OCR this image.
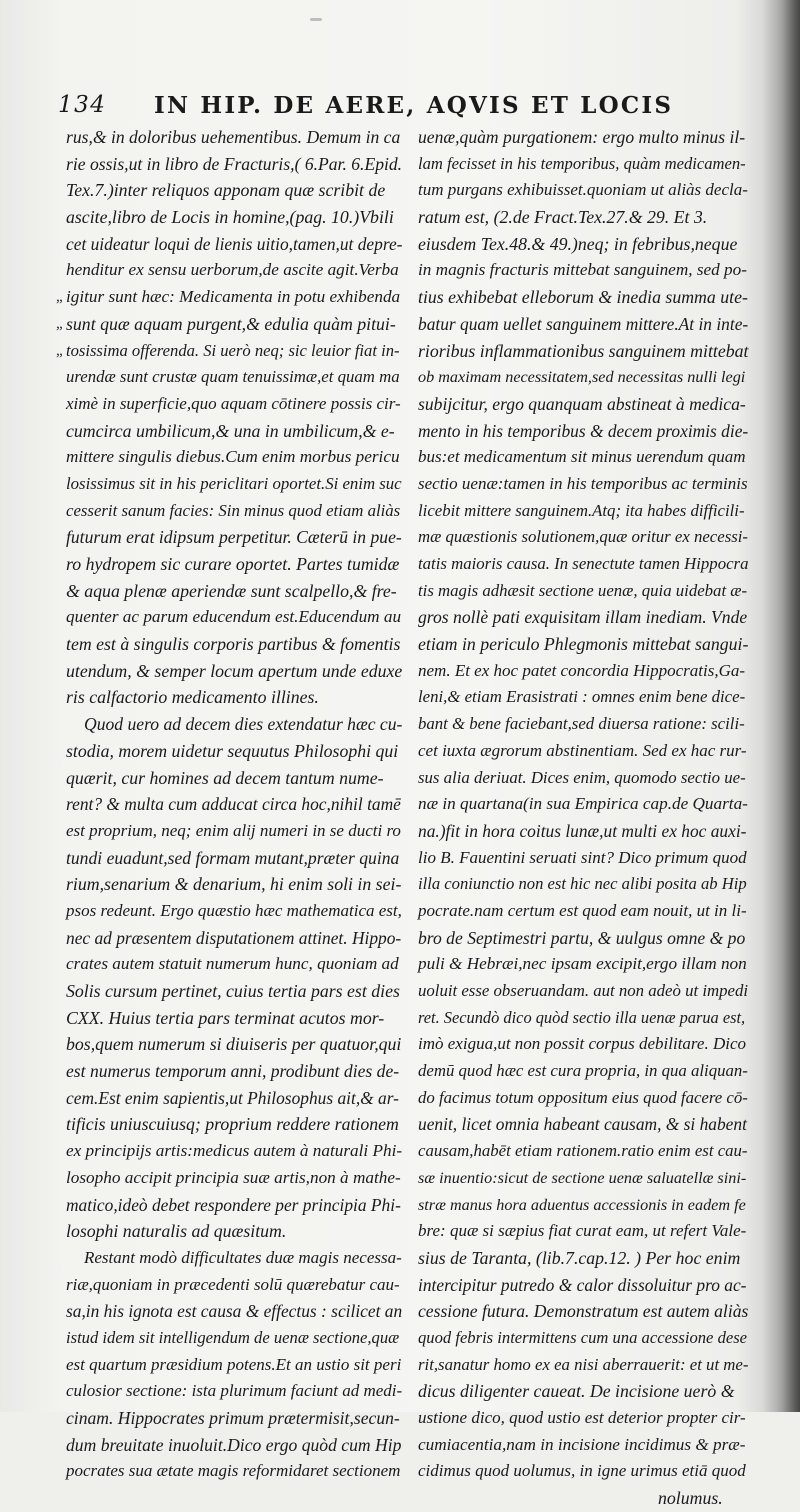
134 IN HIP. DE AERE, AQVIS ET LOCIS
rus,& in doloribus uehementibus. Demum in ca
rie ossis,ut in libro de Fracturis,( 6.Par. 6.Epid.
Tex.7.)inter reliquos apponam quæ scribit de
ascite,libro de Locis in homine,(pag. 10.)Vbili
cet uideatur loqui de lienis uitio,tamen,ut depre-
henditur ex sensu uerborum,de ascite agit.Verba
„ igitur sunt hæc: Medicamenta in potu exhibenda
„ sunt quæ aquam purgent,& edulia quàm pitui-
„ tosissima offerenda. Si uerò neq; sic leuior fiat in-
urendæ sunt crustæ quam tenuissimæ,et quam ma
ximè in superficie,quo aquam cōtinere possis cir-
cumcirca umbilicum,& una in umbilicum,& e-
mittere singulis diebus.Cum enim morbus pericu
losissimus sit in his periclitari oportet.Si enim suc
cesserit sanum facies: Sin minus quod etiam aliàs
futurum erat idipsum perpetitur. Cæterū in pue-
ro hydropem sic curare oportet. Partes tumidæ
& aqua plenæ aperiendæ sunt scalpello,& fre-
quenter ac parum educendum est.Educendum au
tem est à singulis corporis partibus & fomentis
utendum, & semper locum apertum unde eduxe
ris calfactorio medicamento illines.
Quod uero ad decem dies extendatur hæc cu-
stodia, morem uidetur sequutus Philosophi qui
quærit, cur homines ad decem tantum nume-
rent? & multa cum adducat circa hoc,nihil tamē
est proprium, neq; enim alij numeri in se ducti ro
tundi euadunt,sed formam mutant,præter quina
rium,senarium & denarium, hi enim soli in sei-
psos redeunt. Ergo quæstio hæc mathematica est,
nec ad præsentem disputationem attinet. Hippo-
crates autem statuit numerum hunc, quoniam ad
Solis cursum pertinet, cuius tertia pars est dies
CXX. Huius tertia pars terminat acutos mor-
bos,quem numerum si diuiseris per quatuor,qui
est numerus temporum anni, prodibunt dies de-
cem.Est enim sapientis,ut Philosophus ait,& ar-
tificis uniuscuiusq; proprium reddere rationem
ex principijs artis:medicus autem à naturali Phi-
losopho accipit principia suæ artis,non à mathe-
matico,ideò debet respondere per principia Phi-
losophi naturalis ad quæsitum.
Restant modò difficultates duæ magis necessa-
riæ,quoniam in præcedenti solū quærebatur cau-
sa,in his ignota est causa & effectus : scilicet an
istud idem sit intelligendum de uenæ sectione,quæ
est quartum præsidium potens.Et an ustio sit peri
culosior sectione: ista plurimum faciunt ad medi-
cinam. Hippocrates primum prætermisit,secun-
dum breuitate inuoluit.Dico ergo quòd cum Hip
pocrates sua ætate magis reformidaret sectionem
uenæ,quàm purgationem: ergo multo minus il-
lam fecisset in his temporibus, quàm medicamen-
tum purgans exhibuisset.quoniam ut aliàs decla-
ratum est, (2.de Fract.Tex.27.& 29. Et 3.
eiusdem Tex.48.& 49.)neq; in febribus,neque
in magnis fracturis mittebat sanguinem, sed po-
tius exhibebat elleborum & inedia summa ute-
batur quam uellet sanguinem mittere.At in inte-
rioribus inflammationibus sanguinem mittebat
ob maximam necessitatem,sed necessitas nulli legi
subijcitur, ergo quanquam abstineat à medica-
mento in his temporibus & decem proximis die-
bus:et medicamentum sit minus uerendum quam
sectio uenæ:tamen in his temporibus ac terminis
licebit mittere sanguinem.Atq; ita habes difficili-
mæ quæstionis solutionem,quæ oritur ex necessi-
tatis maioris causa. In senectute tamen Hippocra
tis magis adhæsit sectione uenæ, quia uidebat æ-
gros nollè pati exquisitam illam inediam. Vnde
etiam in periculo Phlegmonis mittebat sangui-
nem. Et ex hoc patet concordia Hippocratis,Ga-
leni,& etiam Erasistrati : omnes enim bene dice-
bant & bene faciebant,sed diuersa ratione: scili-
cet iuxta ægrorum abstinentiam. Sed ex hac rur-
sus alia deriuat. Dices enim, quomodo sectio ue-
næ in quartana(in sua Empirica cap.de Quarta-
na.)fit in hora coitus lunæ,ut multi ex hoc auxi-
lio B. Fauentini seruati sint? Dico primum quod
illa coniunctio non est hic nec alibi posita ab Hip
pocrate.nam certum est quod eam nouit, ut in li-
bro de Septimestri partu, & uulgus omne & po
puli & Hebræi,nec ipsam excipit,ergo illam non
uoluit esse obseruandam. aut non adeò ut impedi
ret. Secundò dico quòd sectio illa uenæ parua est,
imò exigua,ut non possit corpus debilitare. Dico
demū quod hæc est cura propria, in qua aliquan-
do facimus totum oppositum eius quod facere cō-
uenit, licet omnia habeant causam, & si habent
causam,habēt etiam rationem.ratio enim est cau-
sæ inuentio:sicut de sectione uenæ saluatellæ sini-
stræ manus hora aduentus accessionis in eadem fe
bre: quæ si sæpius fiat curat eam, ut refert Vale-
sius de Taranta, (lib.7.cap.12. ) Per hoc enim
intercipitur putredo & calor dissoluitur pro ac-
cessione futura. Demonstratum est autem aliàs
quod febris intermittens cum una accessione dese
rit,sanatur homo ex ea nisi aberrauerit: et ut me-
dicus diligenter caueat. De incisione uerò &
ustione dico, quod ustio est deterior propter cir-
cumiacentia,nam in incisione incidimus & præ-
cidimus quod uolumus, in igne urimus etiā quod
nolumus.
